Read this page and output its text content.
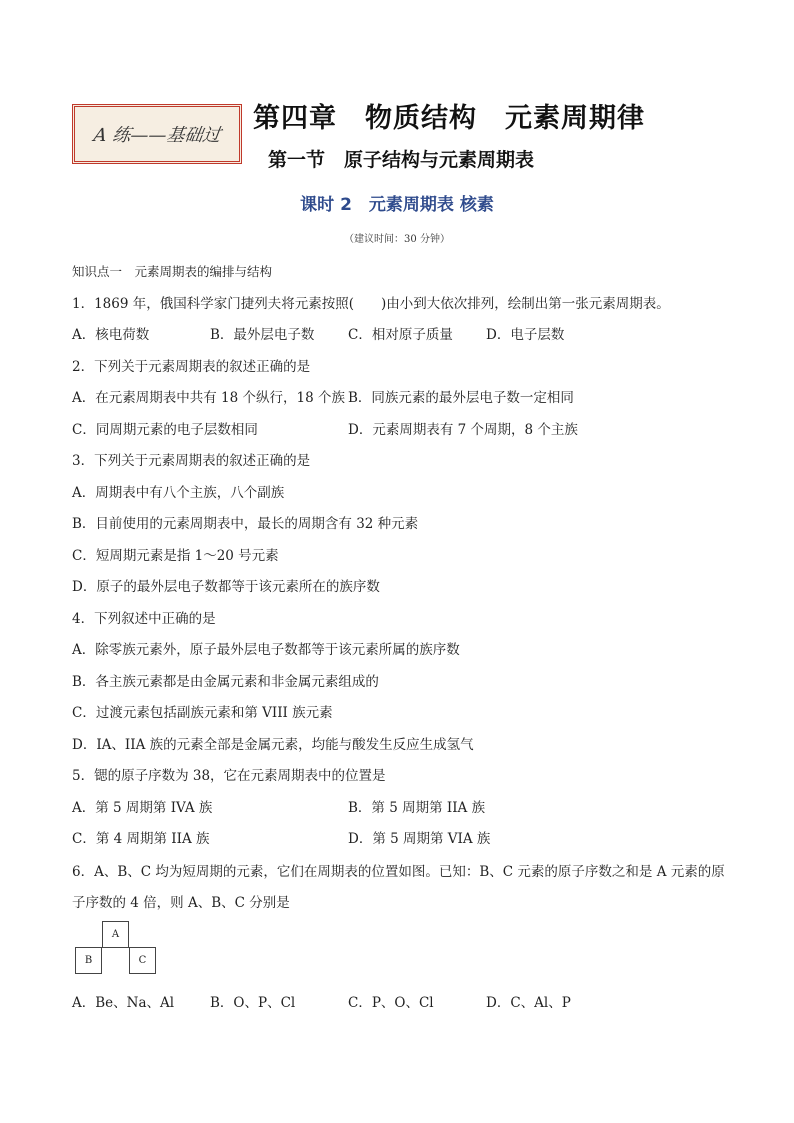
A 练——基础过
第四章　物质结构　元素周期律
第一节　原子结构与元素周期表
课时 2　元素周期表 核素
（建议时间：30 分钟）
知识点一　元素周期表的编排与结构
1．1869 年，俄国科学家门捷列夫将元素按照(　　)由小到大依次排列，绘制出第一张元素周期表。
A．核电荷数	B．最外层电子数	C．相对原子质量	D．电子层数
2．下列关于元素周期表的叙述正确的是
A．在元素周期表中共有 18 个纵行，18 个族 B．同族元素的最外层电子数一定相同
C．同周期元素的电子层数相同	D．元素周期表有 7 个周期，8 个主族
3．下列关于元素周期表的叙述正确的是
A．周期表中有八个主族，八个副族
B．目前使用的元素周期表中，最长的周期含有 32 种元素
C．短周期元素是指 1～20 号元素
D．原子的最外层电子数都等于该元素所在的族序数
4．下列叙述中正确的是
A．除零族元素外，原子最外层电子数都等于该元素所属的族序数
B．各主族元素都是由金属元素和非金属元素组成的
C．过渡元素包括副族元素和第 VIII 族元素
D．ⅠA、IIA 族的元素全部是金属元素，均能与酸发生反应生成氢气
5．锶的原子序数为 38，它在元素周期表中的位置是
A．第 5 周期第 IVA 族	B．第 5 周期第 IIA 族
C．第 4 周期第 IIA 族	D．第 5 周期第 VIA 族
6．A、B、C 均为短周期的元素，它们在周期表的位置如图。已知：B、C 元素的原子序数之和是 A 元素的原子序数的 4 倍，则 A、B、C 分别是
A
B	C
A．Be、Na、Al	B．O、P、Cl	C．P、O、Cl	D．C、Al、P
